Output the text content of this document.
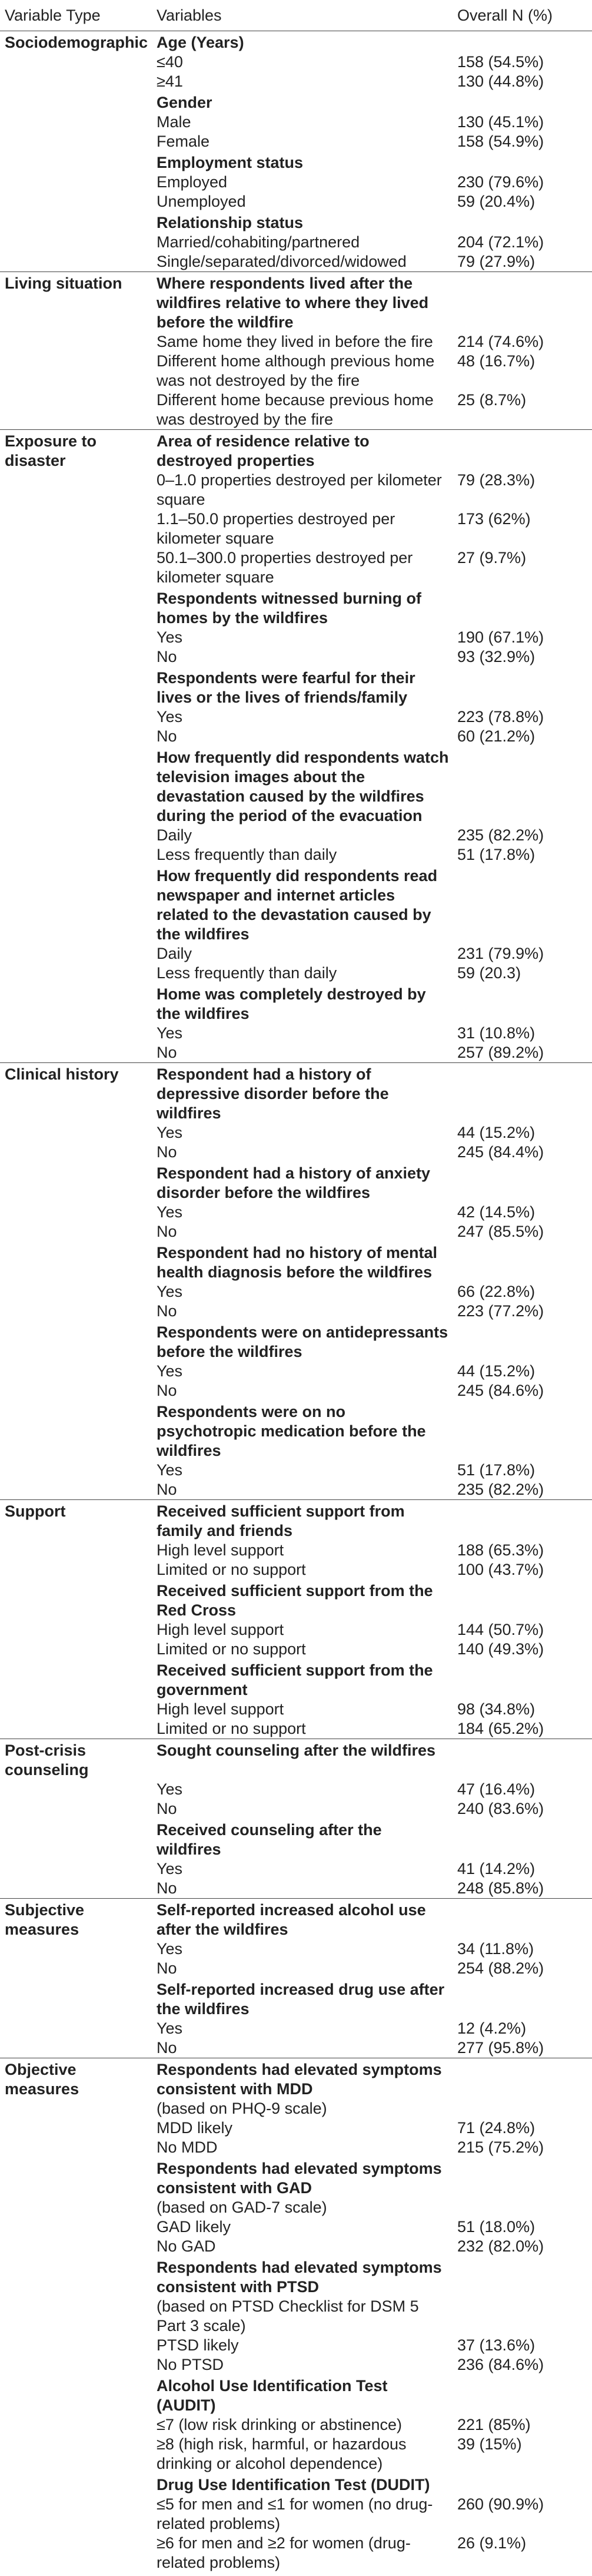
Variable Type	Variables	Overall N (%)
Sociodemographic	Age (Years)	
	≤40	158 (54.5%)
	≥41	130 (44.8%)
	Gender	
	Male	130 (45.1%)
	Female	158 (54.9%)
	Employment status	
	Employed	230 (79.6%)
	Unemployed	59 (20.4%)
	Relationship status	
	Married/cohabiting/partnered	204 (72.1%)
	Single/separated/divorced/widowed	79 (27.9%)
Living situation	Where respondents lived after the wildfires relative to where they lived before the wildfire	
	Same home they lived in before the fire	214 (74.6%)
	Different home although previous home was not destroyed by the fire	48 (16.7%)
	Different home because previous home was destroyed by the fire	25 (8.7%)
Exposure to disaster	Area of residence relative to destroyed properties	
	0–1.0 properties destroyed per kilometer square	79 (28.3%)
	1.1–50.0 properties destroyed per kilometer square	173 (62%)
	50.1–300.0 properties destroyed per kilometer square	27 (9.7%)
	Respondents witnessed burning of homes by the wildfires	
	Yes	190 (67.1%)
	No	93 (32.9%)
	Respondents were fearful for their lives or the lives of friends/family	
	Yes	223 (78.8%)
	No	60 (21.2%)
	How frequently did respondents watch television images about the devastation caused by the wildfires during the period of the evacuation	
	Daily	235 (82.2%)
	Less frequently than daily	51 (17.8%)
	How frequently did respondents read newspaper and internet articles related to the devastation caused by the wildfires	
	Daily	231 (79.9%)
	Less frequently than daily	59 (20.3)
	Home was completely destroyed by the wildfires	
	Yes	31 (10.8%)
	No	257 (89.2%)
Clinical history	Respondent had a history of depressive disorder before the wildfires	
	Yes	44 (15.2%)
	No	245 (84.4%)
	Respondent had a history of anxiety disorder before the wildfires	
	Yes	42 (14.5%)
	No	247 (85.5%)
	Respondent had no history of mental health diagnosis before the wildfires	
	Yes	66 (22.8%)
	No	223 (77.2%)
	Respondents were on antidepressants before the wildfires	
	Yes	44 (15.2%)
	No	245 (84.6%)
	Respondents were on no psychotropic medication before the wildfires	
	Yes	51 (17.8%)
	No	235 (82.2%)
Support	Received sufficient support from family and friends	
	High level support	188 (65.3%)
	Limited or no support	100 (43.7%)
	Received sufficient support from the Red Cross	
	High level support	144 (50.7%)
	Limited or no support	140 (49.3%)
	Received sufficient support from the government	
	High level support	98 (34.8%)
	Limited or no support	184 (65.2%)
Post-crisis counseling	Sought counseling after the wildfires	
	Yes	47 (16.4%)
	No	240 (83.6%)
	Received counseling after the wildfires	
	Yes	41 (14.2%)
	No	248 (85.8%)
Subjective measures	Self-reported increased alcohol use after the wildfires	
	Yes	34 (11.8%)
	No	254 (88.2%)
	Self-reported increased drug use after the wildfires	
	Yes	12 (4.2%)
	No	277 (95.8%)
Objective measures	Respondents had elevated symptoms consistent with MDD	
	(based on PHQ-9 scale)	
	MDD likely	71 (24.8%)
	No MDD	215 (75.2%)
	Respondents had elevated symptoms consistent with GAD	
	(based on GAD-7 scale)	
	GAD likely	51 (18.0%)
	No GAD	232 (82.0%)
	Respondents had elevated symptoms consistent with PTSD	
	(based on PTSD Checklist for DSM 5 Part 3 scale)	
	PTSD likely	37 (13.6%)
	No PTSD	236 (84.6%)
	Alcohol Use Identification Test (AUDIT)	
	≤7 (low risk drinking or abstinence)	221 (85%)
	≥8 (high risk, harmful, or hazardous drinking or alcohol dependence)	39 (15%)
	Drug Use Identification Test (DUDIT)	
	≤5 for men and ≤1 for women (no drug-related problems)	260 (90.9%)
	≥6 for men and ≥2 for women (drug-related problems)	26 (9.1%)
